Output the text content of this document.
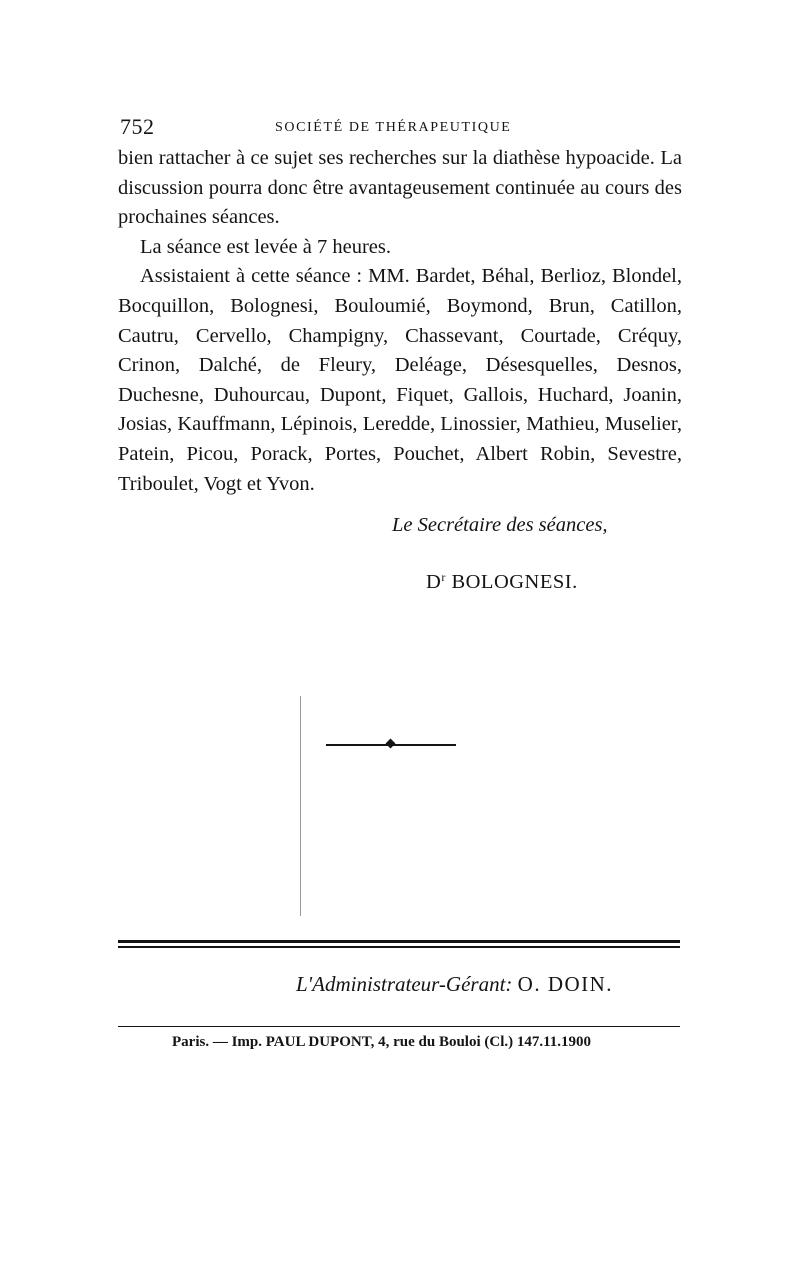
752	SOCIÉTÉ DE THÉRAPEUTIQUE

bien rattacher à ce sujet ses recherches sur la diathèse hypoacide. La discussion pourra donc être avantageusement continuée au cours des prochaines séances.

La séance est levée à 7 heures.

Assistaient à cette séance : MM. Bardet, Béhal, Berlioz, Blondel, Bocquillon, Bolognesi, Bouloumié, Boymond, Brun, Catillon, Cautru, Cervello, Champigny, Chassevant, Courtade, Créquy, Crinon, Dalché, de Fleury, Deléage, Désesquelles, Desnos, Duchesne, Duhourcau, Dupont, Fiquet, Gallois, Huchard, Joanin, Josias, Kauffmann, Lépinois, Leredde, Linossier, Mathieu, Muselier, Patein, Picou, Porack, Portes, Pouchet, Albert Robin, Sevestre, Triboulet, Vogt et Yvon.

Le Secrétaire des séances,
$D^r$ BOLOGNESI.
L'Administrateur-Gérant: O. DOIN.
Paris. — Imp. PAUL DUPONT, 4, rue du Bouloi (Cl.) 147.11.1900
